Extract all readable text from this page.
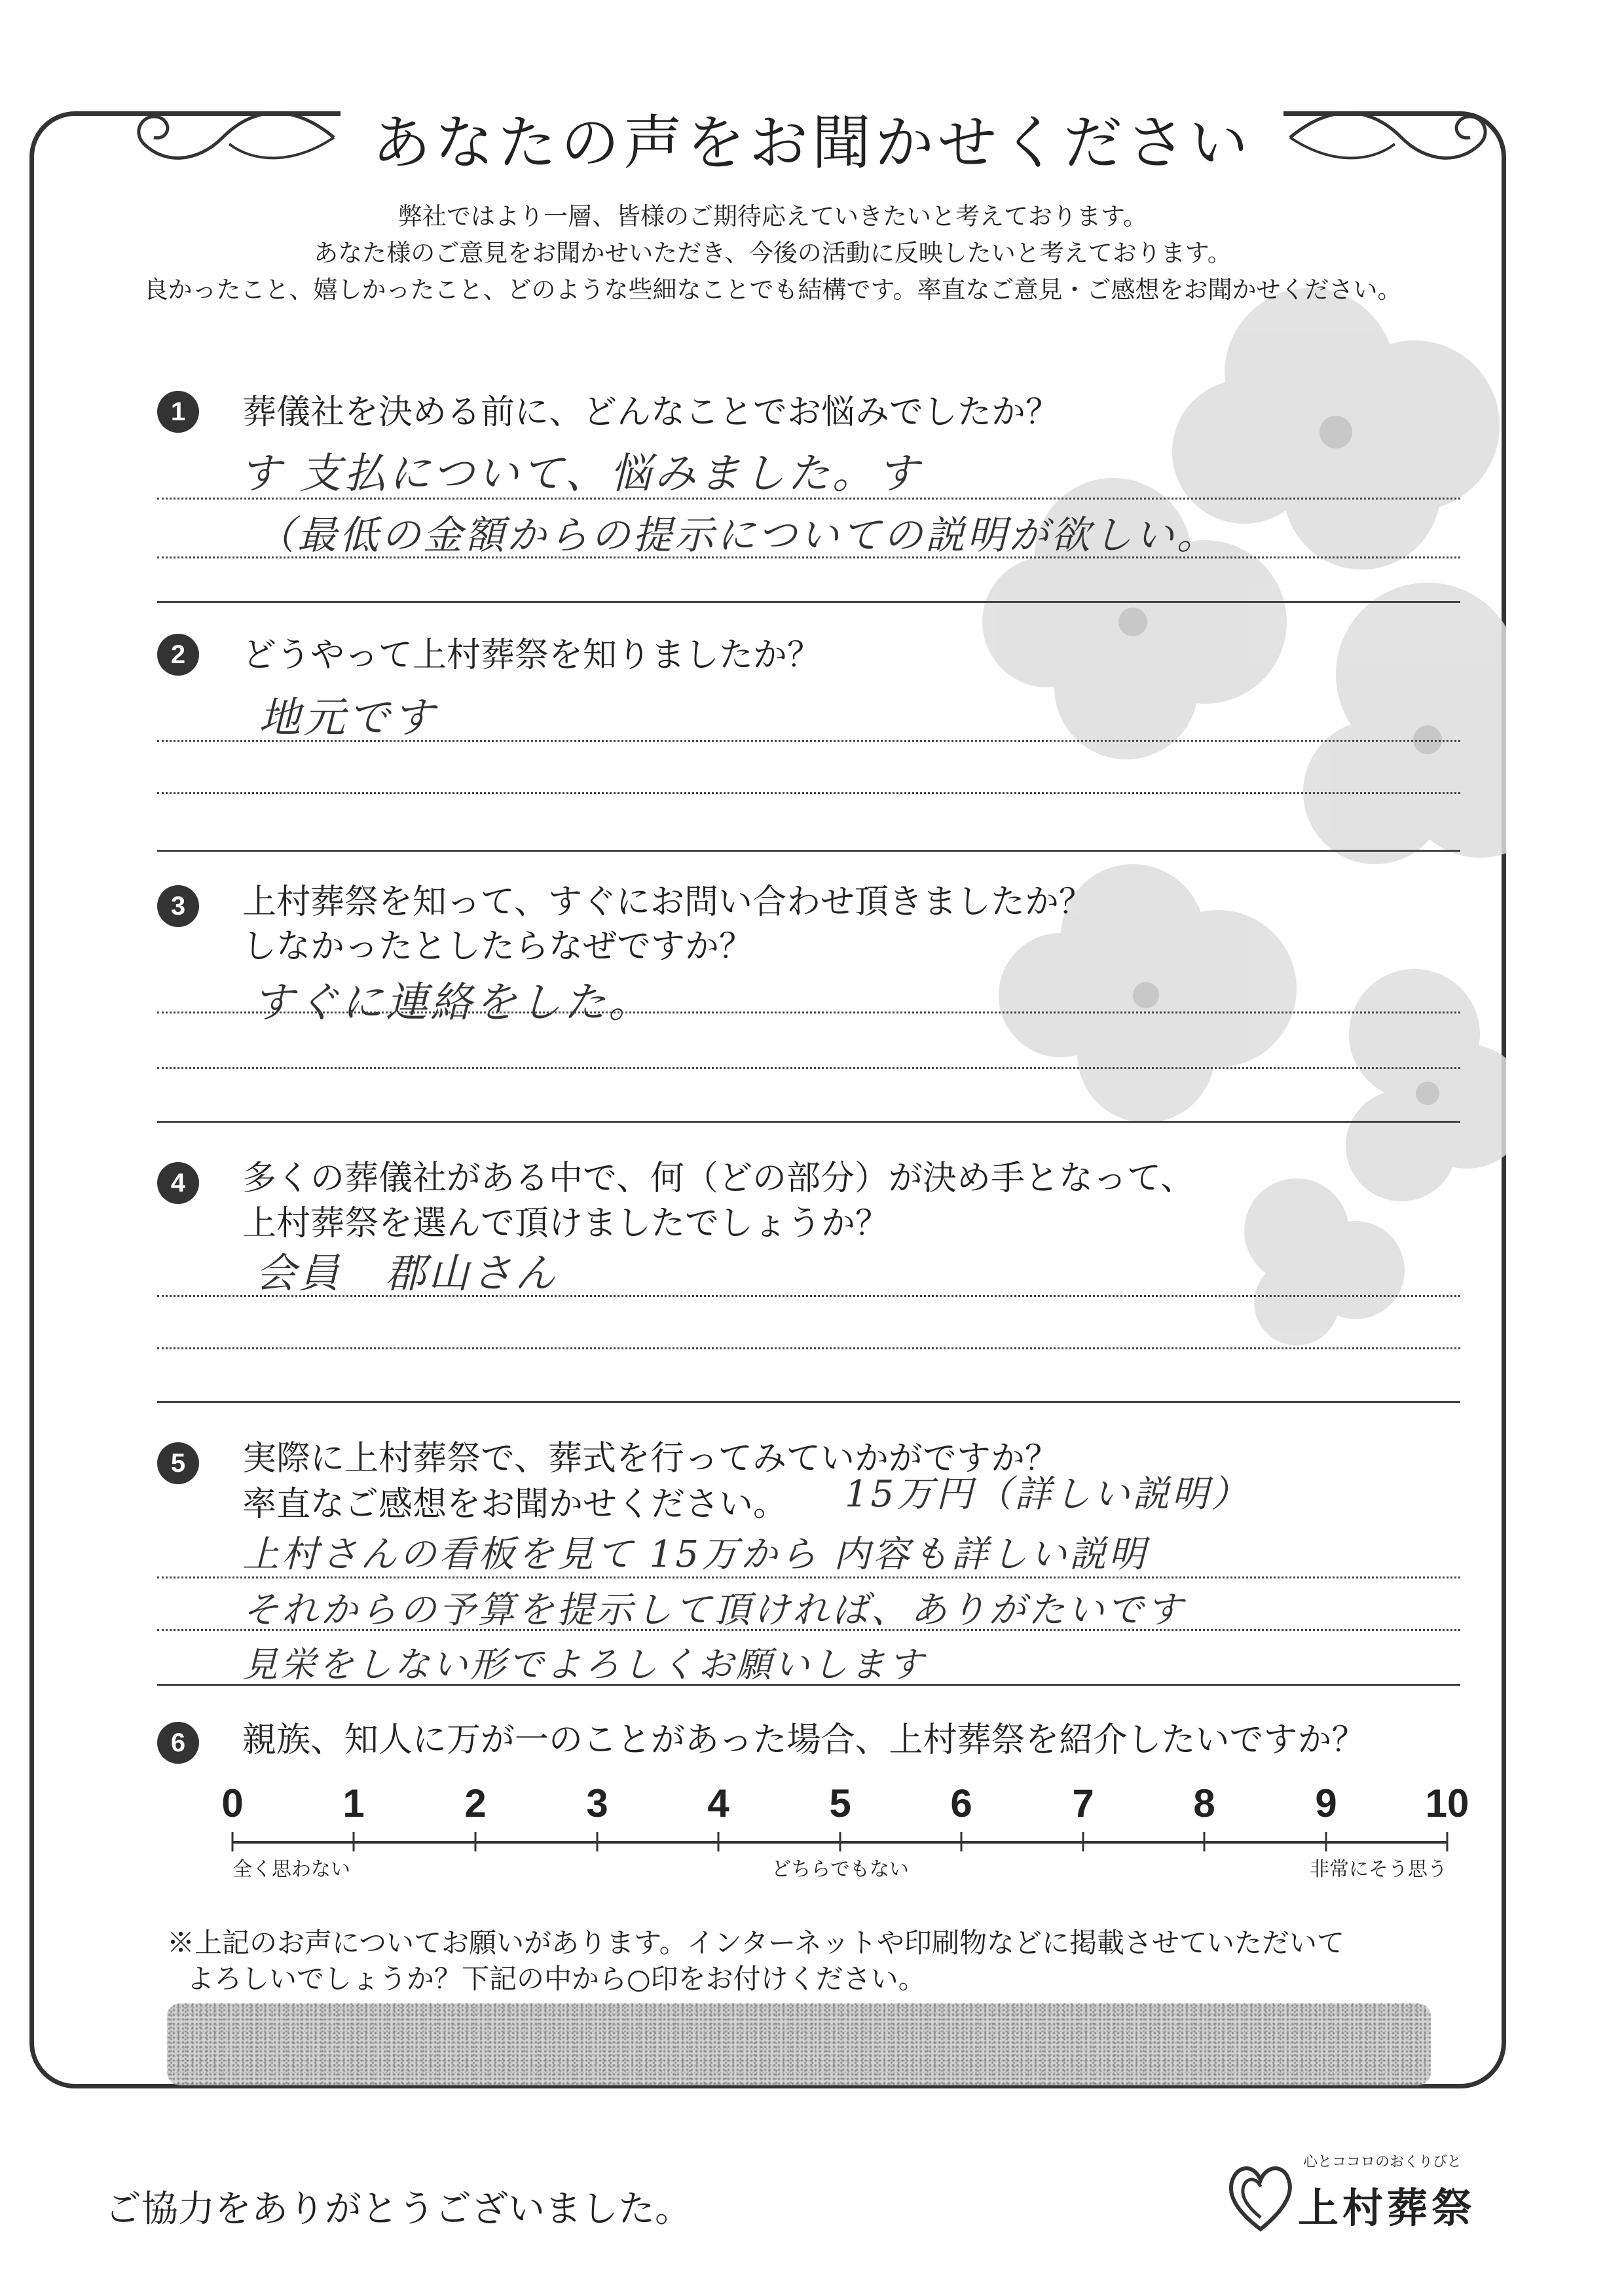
あなたの声をお聞かせください
弊社ではより一層、皆様のご期待応えていきたいと考えております。
あなた様のご意見をお聞かせいただき、今後の活動に反映したいと考えております。
良かったこと、嬉しかったこと、どのような些細なことでも結構です。率直なご意見・ご感想をお聞かせください。
1	葬儀社を決める前に、どんなことでお悩みでしたか？
す 支払について、悩みました。す
（最低の金額からの提示についての説明が欲しい。
2	どうやって上村葬祭を知りましたか？
地元です
3	上村葬祭を知って、すぐにお問い合わせ頂きましたか？
しなかったとしたらなぜですか？
すぐに連絡をした。
4	多くの葬儀社がある中で、何（どの部分）が決め手となって、
上村葬祭を選んで頂けましたでしょうか？
会員　郡山さん
5	実際に上村葬祭で、葬式を行ってみていかがですか？
率直なご感想をお聞かせください。 15万円（詳しい説明）
上村さんの看板を見て 15万から 内容も詳しい説明
それからの予算を提示して頂ければ、ありがたいです
見栄をしない形でよろしくお願いします
6	親族、知人に万が一のことがあった場合、上村葬祭を紹介したいですか？
0	1	2	3	4	5	6	7	8	9 10
全く思わない	どちらでもない	非常にそう思う
※上記のお声についてお願いがあります。インターネットや印刷物などに掲載させていただいて
よろしいでしょうか？下記の中から○印をお付けください。
ご協力をありがとうございました。
心とココロのおくりびと
上村葬祭
